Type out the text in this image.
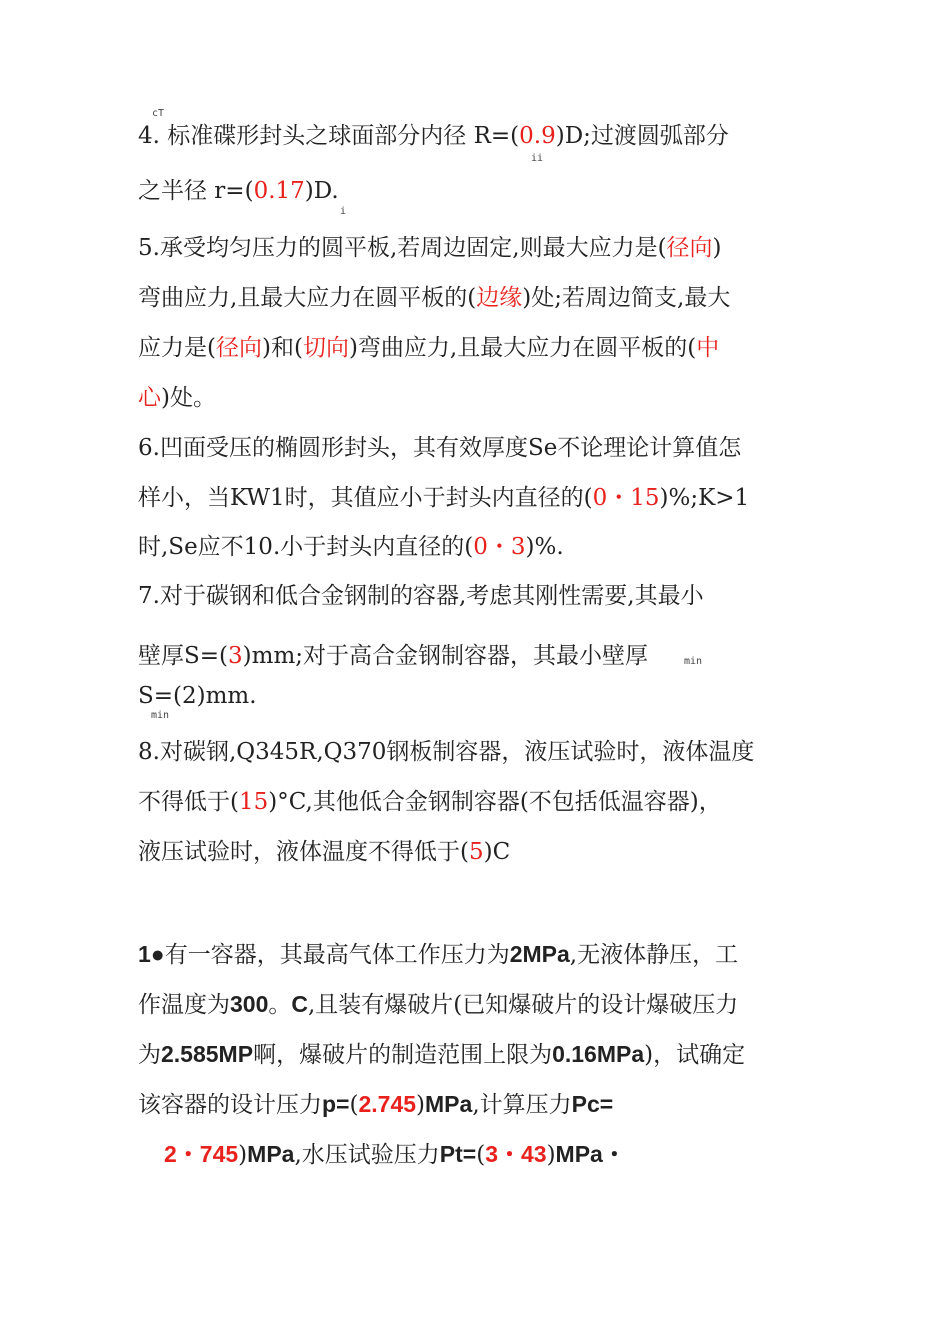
cT
4. 标准碟形封头之球面部分内径 R=(0.9)D;过渡圆弧部分
ii
之半径 r=(0.17)D.
i
5.承受均匀压力的圆平板,若周边固定,则最大应力是(径向)
弯曲应力,且最大应力在圆平板的(边缘)处;若周边简支,最大
应力是(径向)和(切向)弯曲应力,且最大应力在圆平板的(中
心)处。
6.凹面受压的椭圆形封头，其有效厚度Se不论理论计算值怎
样小，当KW1时，其值应小于封头内直径的(0・15)%;K>1
时,Se应不10.小于封头内直径的(0・3)%.
7.对于碳钢和低合金钢制的容器,考虑其刚性需要,其最小
壁厚S=(3)mm;对于高合金钢制容器，其最小壁厚	min
S=(2)mm.
min
8.对碳钢,Q345R,Q370钢板制容器，液压试验时，液体温度
不得低于(15)°C,其他低合金钢制容器(不包括低温容器)，
液压试验时，液体温度不得低于(5)C
1●有一容器，其最高气体工作压力为2MPa,无液体静压，工
作温度为300。C,且装有爆破片(已知爆破片的设计爆破压力
为2.585MP啊，爆破片的制造范围上限为0.16MPa)，试确定
该容器的设计压力p=(2.745)MPa,计算压力Pc=
2・745)MPa,水压试验压力Pt=(3・43)MPa・
